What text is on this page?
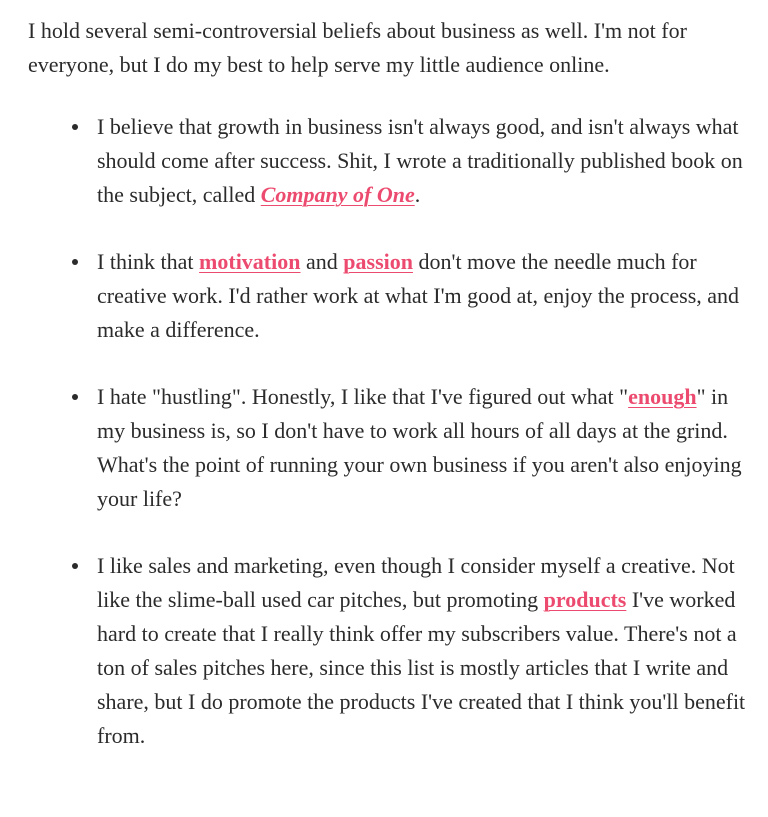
I hold several semi-controversial beliefs about business as well. I'm not for everyone, but I do my best to help serve my little audience online.

I believe that growth in business isn't always good, and isn't always what should come after success. Shit, I wrote a traditionally published book on the subject, called Company of One.
I think that motivation and passion don't move the needle much for creative work. I'd rather work at what I'm good at, enjoy the process, and make a difference.
I hate "hustling". Honestly, I like that I've figured out what "enough" in my business is, so I don't have to work all hours of all days at the grind. What's the point of running your own business if you aren't also enjoying your life?
I like sales and marketing, even though I consider myself a creative. Not like the slime-ball used car pitches, but promoting products I've worked hard to create that I really think offer my subscribers value. There's not a ton of sales pitches here, since this list is mostly articles that I write and share, but I do promote the products I've created that I think you'll benefit from.
